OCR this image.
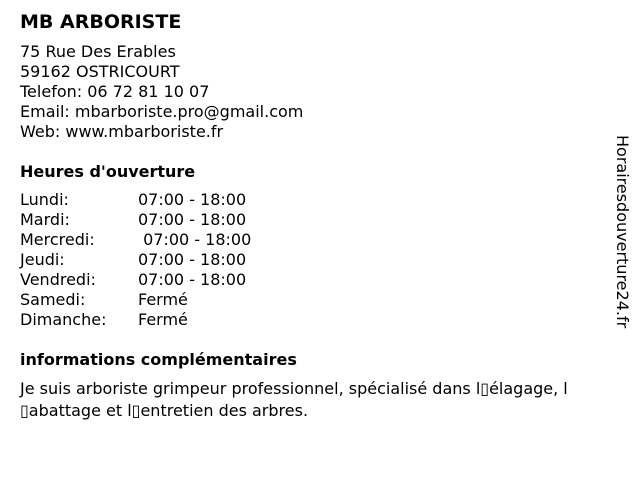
MB ARBORISTE
75 Rue Des Erables
59162 OSTRICOURT
Telefon: 06 72 81 10 07
Email: mbarboriste.pro@gmail.com
Web: www.mbarboriste.fr
Heures d'ouverture
Lundi:	07:00 - 18:00
Mardi:	07:00 - 18:00
Mercredi:	07:00 - 18:00
Jeudi:	07:00 - 18:00
Vendredi:	07:00 - 18:00
Samedi:	Fermé
Dimanche:	Fermé
informations complémentaires
Je suis arboriste grimpeur professionnel, spécialisé dans l▯élagage, l ▯abattage et l▯entretien des arbres.
Horairesdouverture24.fr
